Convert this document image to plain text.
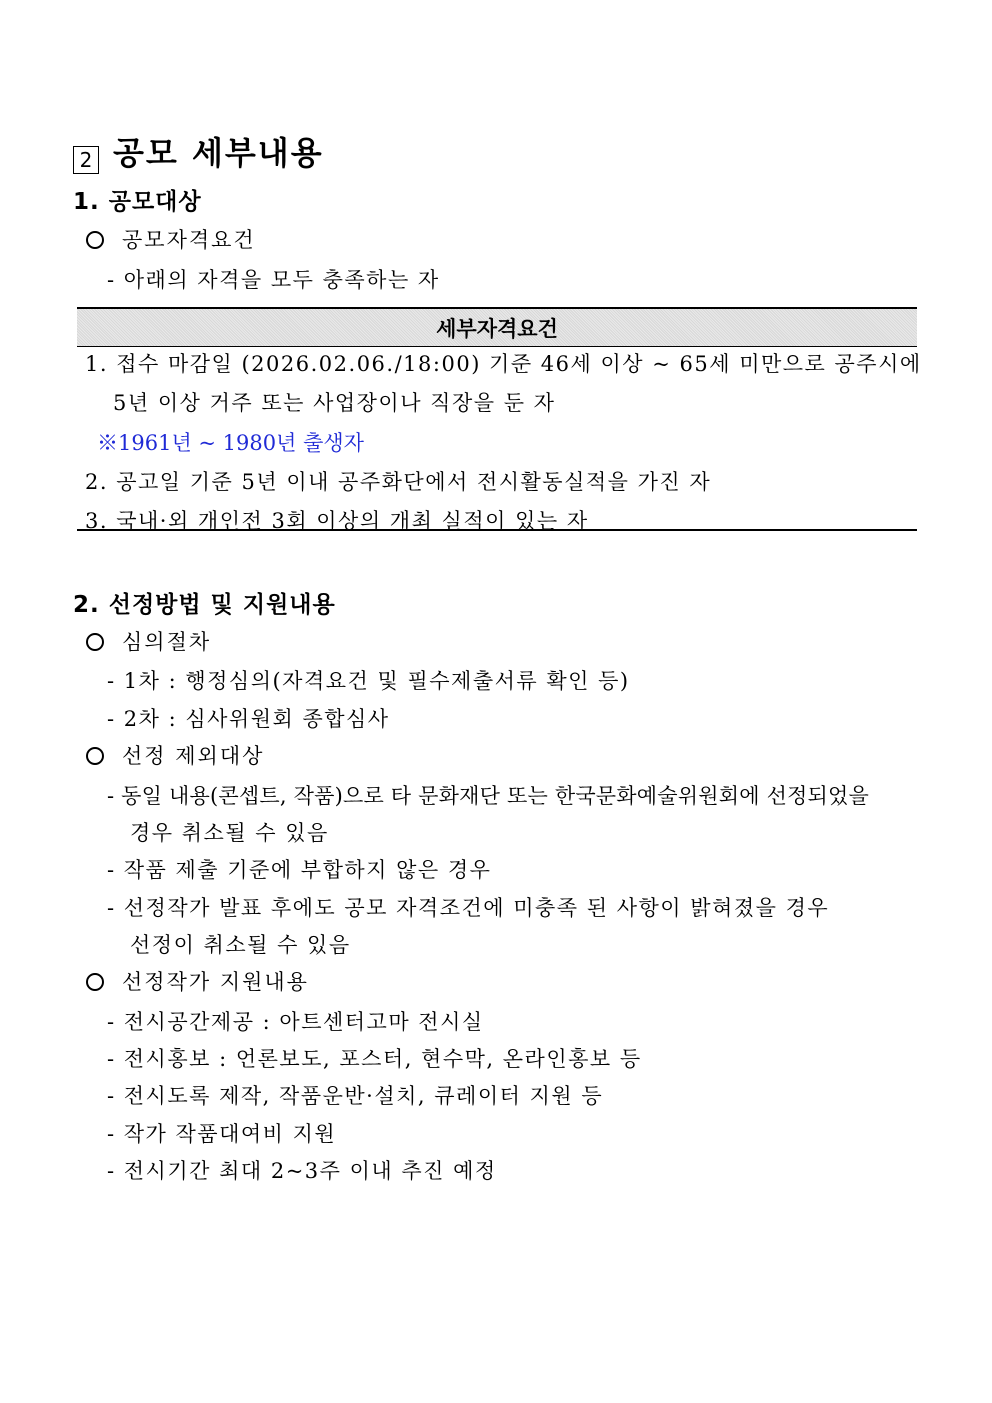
2 공모 세부내용
1. 공모대상
공모자격요건
- 아래의 자격을 모두 충족하는 자
세부자격요건
1. 접수 마감일 (2026.02.06./18:00) 기준 46세 이상 ~ 65세 미만으로 공주시에
5년 이상 거주 또는 사업장이나 직장을 둔 자
※1961년 ~ 1980년 출생자
2. 공고일 기준 5년 이내 공주화단에서 전시활동실적을 가진 자
3. 국내·외 개인전 3회 이상의 개최 실적이 있는 자
2. 선정방법 및 지원내용
심의절차
- 1차 : 행정심의(자격요건 및 필수제출서류 확인 등)
- 2차 : 심사위원회 종합심사
선정 제외대상
- 동일 내용(콘셉트, 작품)으로 타 문화재단 또는 한국문화예술위원회에 선정되었을
경우 취소될 수 있음
- 작품 제출 기준에 부합하지 않은 경우
- 선정작가 발표 후에도 공모 자격조건에 미충족 된 사항이 밝혀졌을 경우
선정이 취소될 수 있음
선정작가 지원내용
- 전시공간제공 : 아트센터고마 전시실
- 전시홍보 : 언론보도, 포스터, 현수막, 온라인홍보 등
- 전시도록 제작, 작품운반·설치, 큐레이터 지원 등
- 작가 작품대여비 지원
- 전시기간 최대 2~3주 이내 추진 예정
